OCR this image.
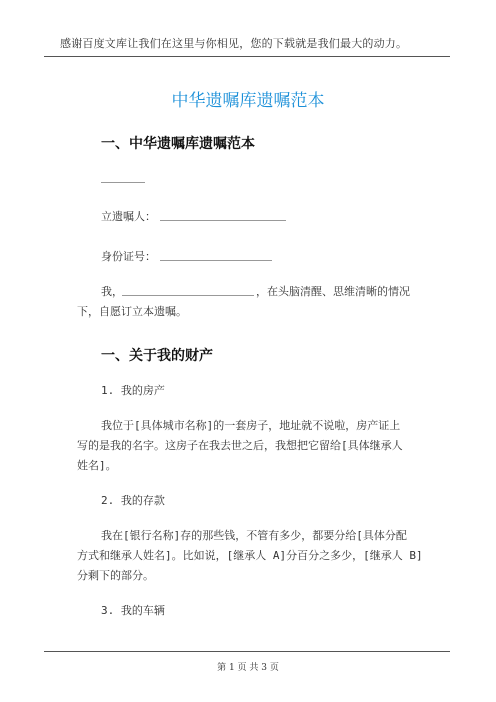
感谢百度文库让我们在这里与你相见，您的下载就是我们最大的动力。
中华遗嘱库遗嘱范本
一、中华遗嘱库遗嘱范本
立遗嘱人：
身份证号：
我，	，在头脑清醒、思维清晰的情况
下，自愿订立本遗嘱。
一、关于我的财产
1. 我的房产
我位于[具体城市名称]的一套房子，地址就不说啦，房产证上
写的是我的名字。这房子在我去世之后，我想把它留给[具体继承人
姓名]。
2. 我的存款
我在[银行名称]存的那些钱，不管有多少，都要分给[具体分配
方式和继承人姓名]。比如说，[继承人 A]分百分之多少，[继承人 B]
分剩下的部分。
3. 我的车辆
第 1 页 共 3 页
